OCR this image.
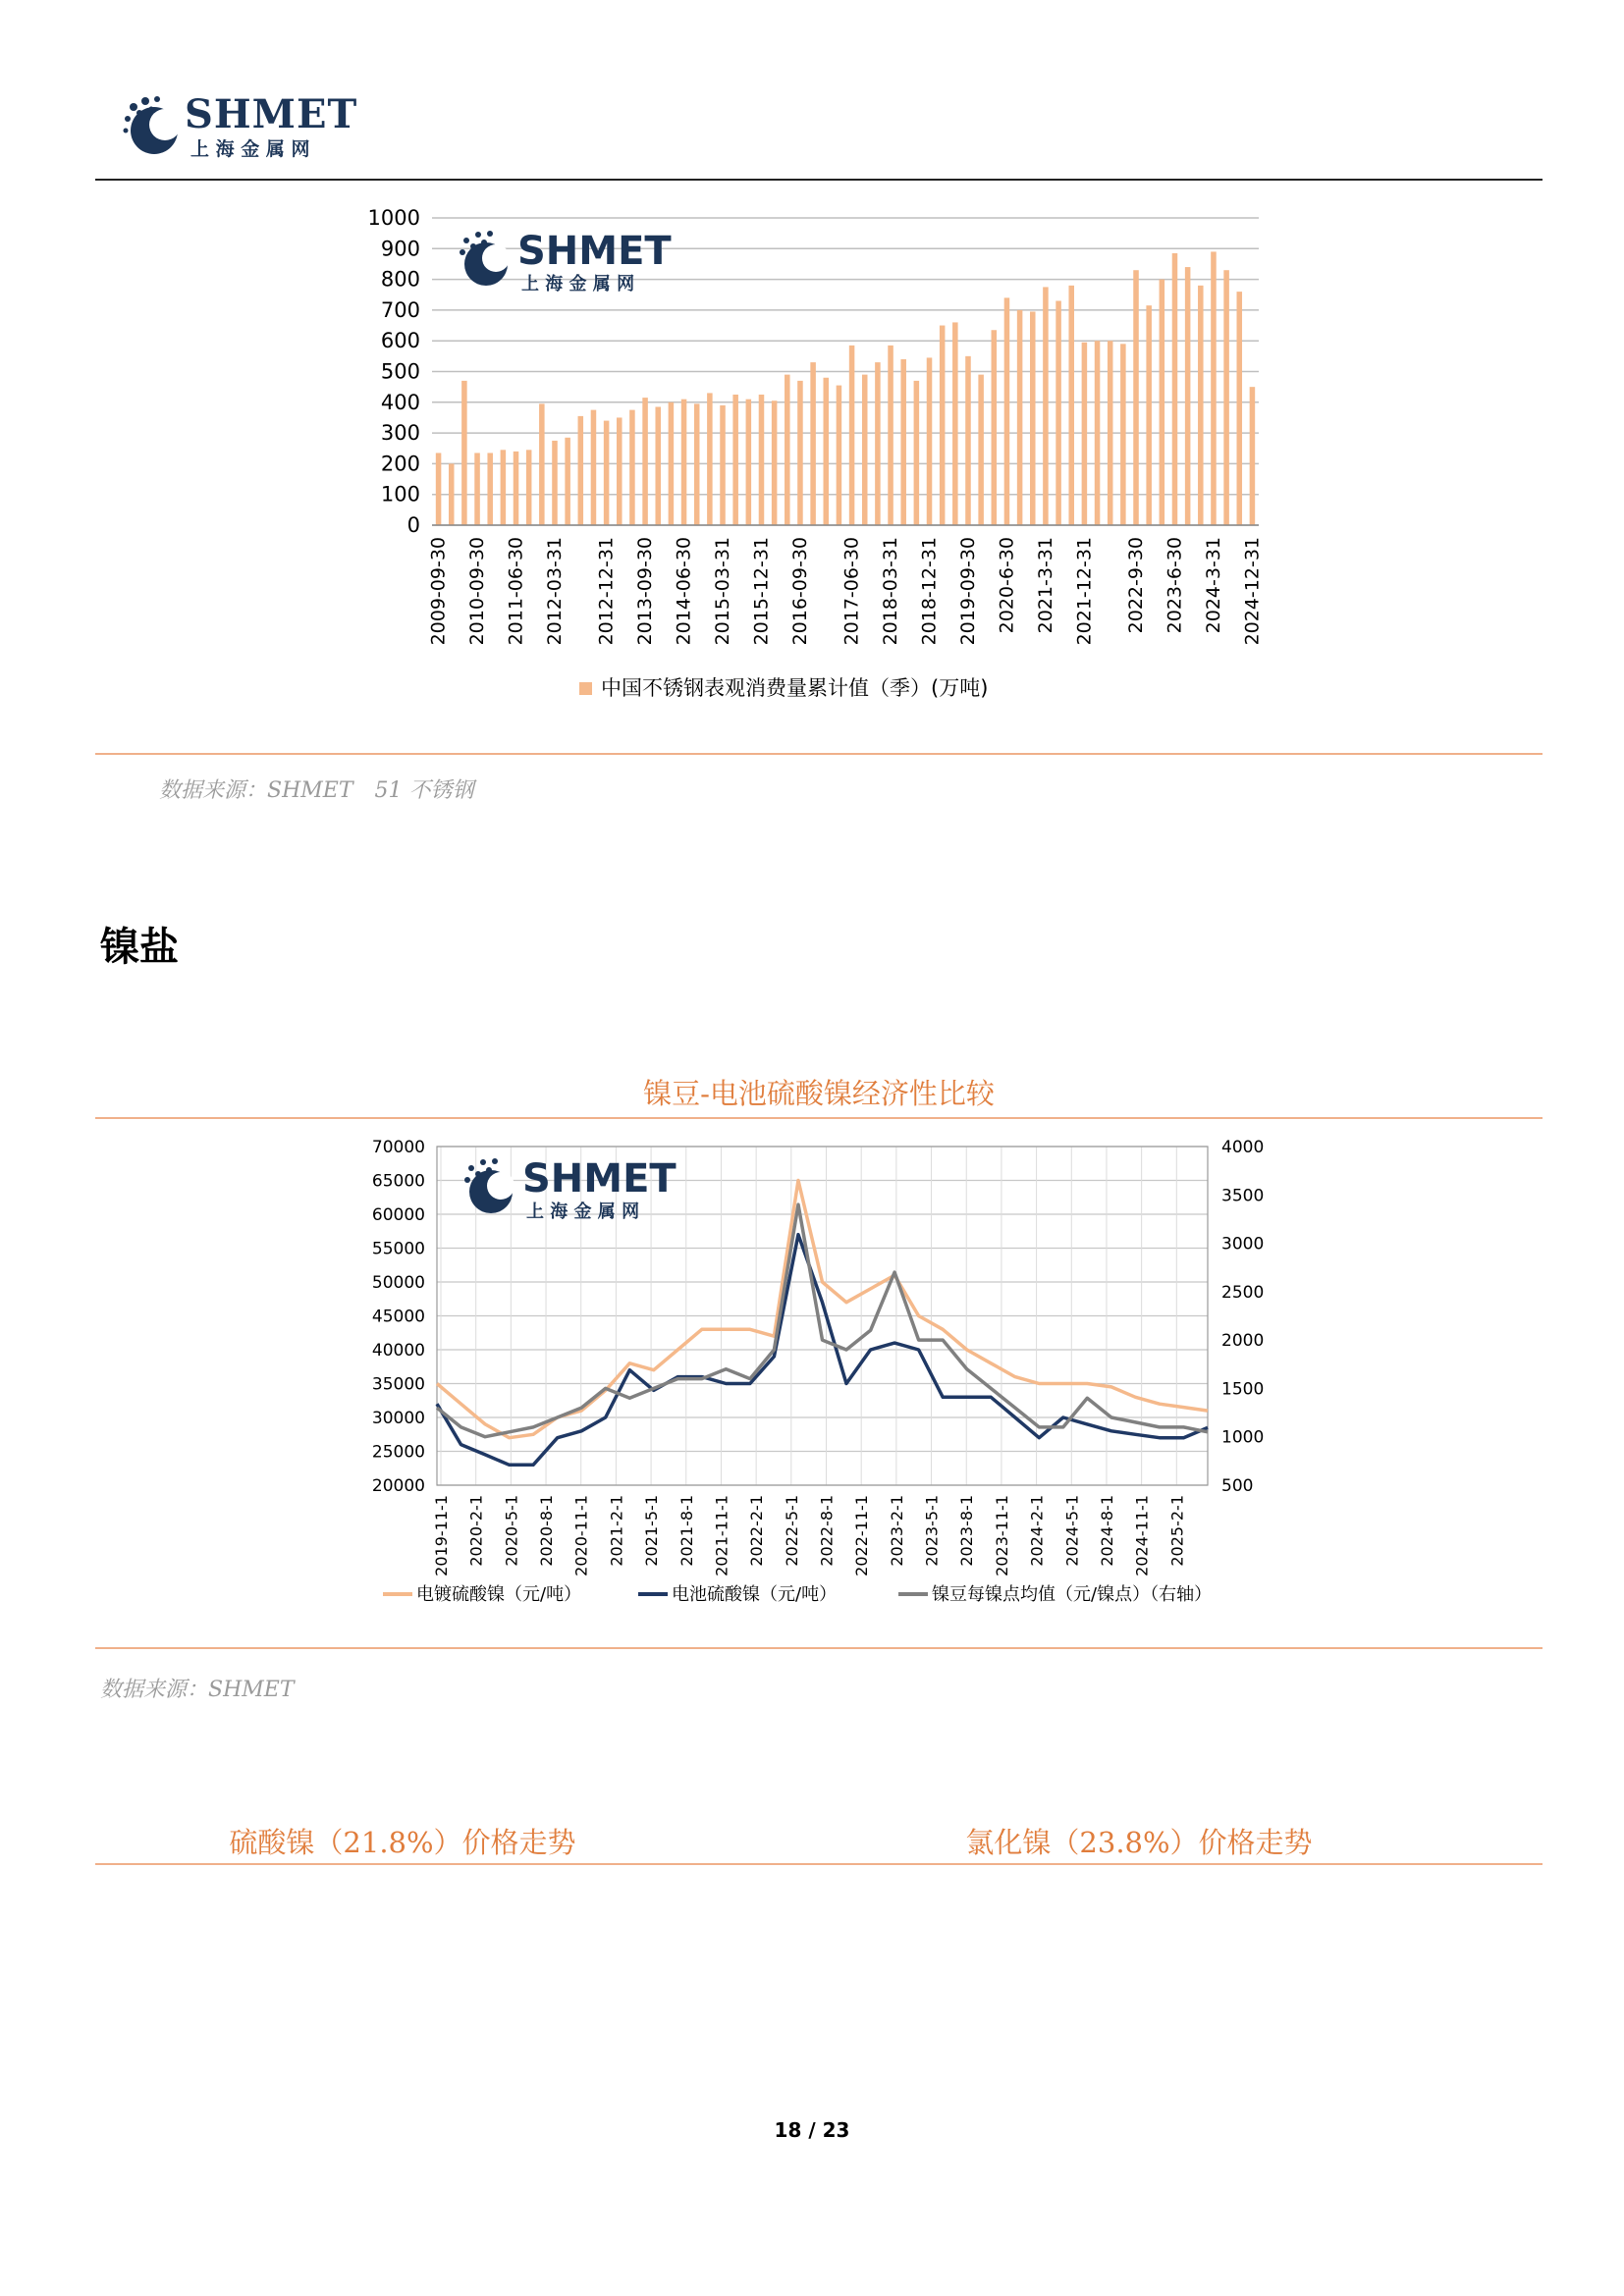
SHMET
上 海 金 属 网
0
100
200
300
400
500
600
700
800
900
1000
SHMET
上 海 金 属 网
2009-09-30 2010-09-30 2011-06-30 2012-03-31 2012-12-31 2013-09-30 2014-06-30 2015-03-31 2015-12-31 2016-09-30 2017-06-30 2018-03-31 2018-12-31 2019-09-30 2020-6-30 2021-3-31 2021-12-31 2022-9-30 2023-6-30 2024-3-31 2024-12-31
中国不锈钢表观消费量累计值（季）(万吨)
数据来源：SHMET　51 不锈钢
镍盐
镍豆-电池硫酸镍经济性比较
20000
25000
30000
35000
40000
45000
50000
55000
60000
65000
70000
500
1000
1500
2000
2500
3000
3500
4000
2019-11-1 2020-2-1 2020-5-1 2020-8-1 2020-11-1 2021-2-1 2021-5-1 2021-8-1 2021-11-1 2022-2-1 2022-5-1 2022-8-1 2022-11-1 2023-2-1 2023-5-1 2023-8-1 2023-11-1 2024-2-1 2024-5-1 2024-8-1 2024-11-1 2025-2-1
SHMET
上 海 金 属 网
电镀硫酸镍（元/吨）	电池硫酸镍（元/吨）	镍豆每镍点均值（元/镍点）（右轴）
数据来源：SHMET
硫酸镍（21.8%）价格走势	氯化镍（23.8%）价格走势
18 / 23
